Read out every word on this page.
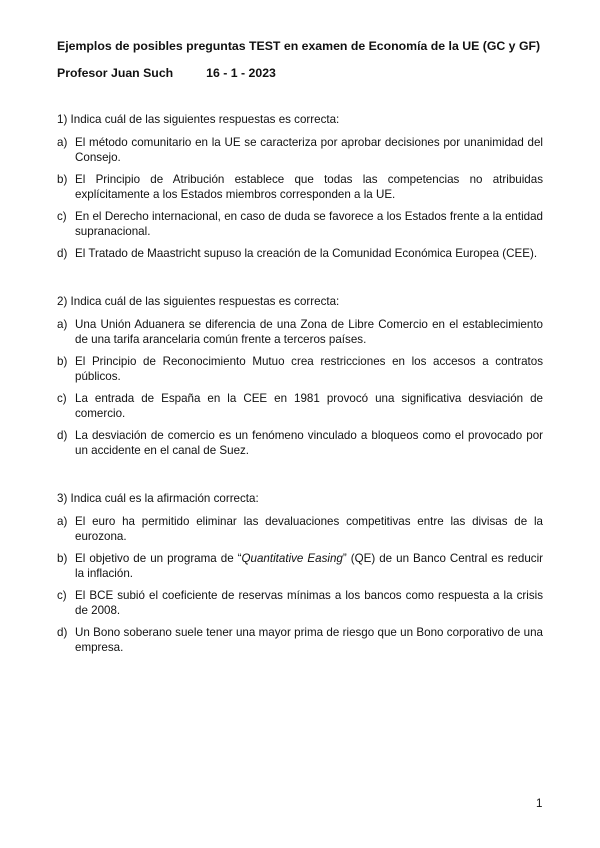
Ejemplos de posibles preguntas TEST en examen de Economía de la UE (GC y GF)

Profesor Juan Such	16 - 1 - 2023
1) Indica cuál de las siguientes respuestas es correcta:
a) El método comunitario en la UE se caracteriza por aprobar decisiones por unanimidad del Consejo.
b) El Principio de Atribución establece que todas las competencias no atribuidas explícitamente a los Estados miembros corresponden a la UE.
c) En el Derecho internacional, en caso de duda se favorece a los Estados frente a la entidad supranacional.
d) El Tratado de Maastricht supuso la creación de la Comunidad Económica Europea (CEE).
2) Indica cuál de las siguientes respuestas es correcta:
a) Una Unión Aduanera se diferencia de una Zona de Libre Comercio en el establecimiento de una tarifa arancelaria común frente a terceros países.
b) El Principio de Reconocimiento Mutuo crea restricciones en los accesos a contratos públicos.
c) La entrada de España en la CEE en 1981 provocó una significativa desviación de comercio.
d) La desviación de comercio es un fenómeno vinculado a bloqueos como el provocado por un accidente en el canal de Suez.
3) Indica cuál es la afirmación correcta:
a) El euro ha permitido eliminar las devaluaciones competitivas entre las divisas de la eurozona.
b) El objetivo de un programa de “Quantitative Easing” (QE) de un Banco Central es reducir la inflación.
c) El BCE subió el coeficiente de reservas mínimas a los bancos como respuesta a la crisis de 2008.
d) Un Bono soberano suele tener una mayor prima de riesgo que un Bono corporativo de una empresa.
1
